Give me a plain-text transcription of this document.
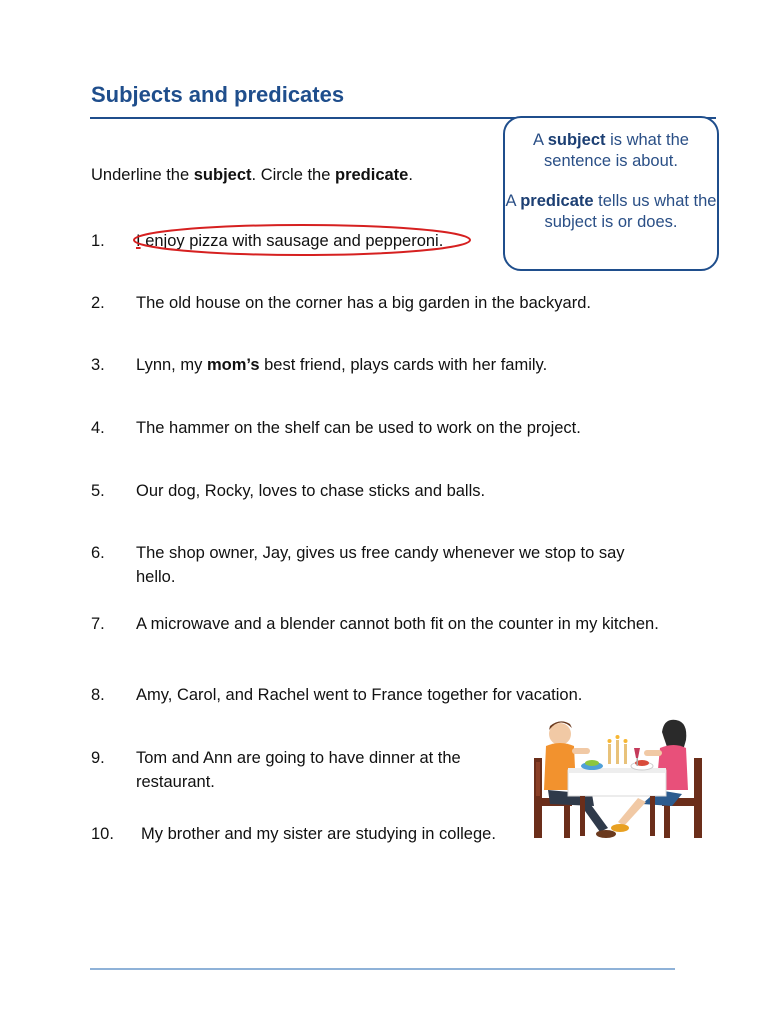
Subjects and predicates

A subject is what the sentence is about.

A predicate tells us what the subject is or does.

Underline the subject. Circle the predicate.
1. I enjoy pizza with sausage and pepperoni.
2. The old house on the corner has a big garden in the backyard.
3. Lynn, my mom’s best friend, plays cards with her family.
4. The hammer on the shelf can be used to work on the project.
5. Our dog, Rocky, loves to chase sticks and balls.
6. The shop owner, Jay, gives us free candy whenever we stop to say hello.
7. A microwave and a blender cannot both fit on the counter in my kitchen.
8. Amy, Carol, and Rachel went to France together for vacation.
9. Tom and Ann are going to have dinner at the restaurant.
10. My brother and my sister are studying in college.
